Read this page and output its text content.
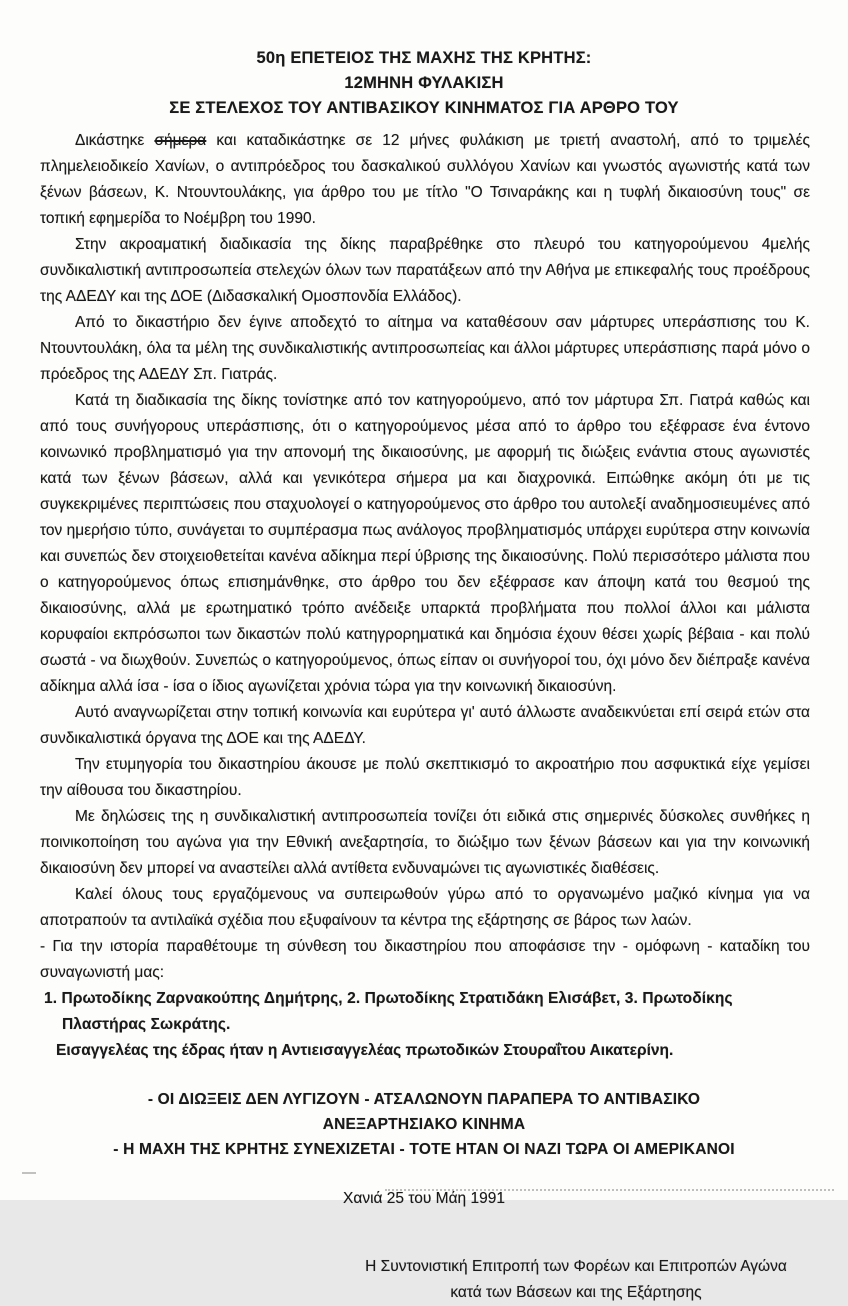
50η ΕΠΕΤΕΙΟΣ ΤΗΣ ΜΑΧΗΣ ΤΗΣ ΚΡΗΤΗΣ:
12ΜΗΝΗ ΦΥΛΑΚΙΣΗ
ΣΕ ΣΤΕΛΕΧΟΣ ΤΟΥ ΑΝΤΙΒΑΣΙΚΟΥ ΚΙΝΗΜΑΤΟΣ ΓΙΑ ΑΡΘΡΟ ΤΟΥ

Δικάστηκε σήμερα και καταδικάστηκε σε 12 μήνες φυλάκιση με τριετή αναστολή, από το τριμελές πλημελειοδικείο Χανίων, ο αντιπρόεδρος του δασκαλικού συλλόγου Χανίων και γνωστός αγωνιστής κατά των ξένων βάσεων, Κ. Ντουντουλάκης, για άρθρο του με τίτλο "Ο Τσιναράκης και η τυφλή δικαιοσύνη τους" σε τοπική εφημερίδα το Νοέμβρη του 1990.

Στην ακροαματική διαδικασία της δίκης παραβρέθηκε στο πλευρό του κατηγορούμενου 4μελής συνδικαλιστική αντιπροσωπεία στελεχών όλων των παρατάξεων από την Αθήνα με επικεφαλής τους προέδρους της ΑΔΕΔΥ και της ΔΟΕ (Διδασκαλική Ομοσπονδία Ελλάδος).

Από το δικαστήριο δεν έγινε αποδεχτό το αίτημα να καταθέσουν σαν μάρτυρες υπεράσπισης του Κ. Ντουντουλάκη, όλα τα μέλη της συνδικαλιστικής αντιπροσωπείας και άλλοι μάρτυρες υπεράσπισης παρά μόνο ο πρόεδρος της ΑΔΕΔΥ Σπ. Γιατράς.

Κατά τη διαδικασία της δίκης τονίστηκε από τον κατηγορούμενο, από τον μάρτυρα Σπ. Γιατρά καθώς και από τους συνήγορους υπεράσπισης, ότι ο κατηγορούμενος μέσα από το άρθρο του εξέφρασε ένα έντονο κοινωνικό προβληματισμό για την απονομή της δικαιοσύνης, με αφορμή τις διώξεις ενάντια στους αγωνιστές κατά των ξένων βάσεων, αλλά και γενικότερα σήμερα μα και διαχρονικά. Ειπώθηκε ακόμη ότι με τις συγκεκριμένες περιπτώσεις που σταχυολογεί ο κατηγορούμενος στο άρθρο του αυτολεξί αναδημοσιευμένες από τον ημερήσιο τύπο, συνάγεται το συμπέρασμα πως ανάλογος προβληματισμός υπάρχει ευρύτερα στην κοινωνία και συνεπώς δεν στοιχειοθετείται κανένα αδίκημα περί ύβρισης της δικαιοσύνης. Πολύ περισσότερο μάλιστα που ο κατηγορούμενος όπως επισημάνθηκε, στο άρθρο του δεν εξέφρασε καν άποψη κατά του θεσμού της δικαιοσύνης, αλλά με ερωτηματικό τρόπο ανέδειξε υπαρκτά προβλήματα που πολλοί άλλοι και μάλιστα κορυφαίοι εκπρόσωποι των δικαστών πολύ κατηγρορηματικά και δημόσια έχουν θέσει χωρίς βέβαια - και πολύ σωστά - να διωχθούν. Συνεπώς ο κατηγορούμενος, όπως είπαν οι συνήγοροί του, όχι μόνο δεν διέπραξε κανένα αδίκημα αλλά ίσα - ίσα ο ίδιος αγωνίζεται χρόνια τώρα για την κοινωνική δικαιοσύνη.

Αυτό αναγνωρίζεται στην τοπική κοινωνία και ευρύτερα γι' αυτό άλλωστε αναδεικνύεται επί σειρά ετών στα συνδικαλιστικά όργανα της ΔΟΕ και της ΑΔΕΔΥ.

Την ετυμηγορία του δικαστηρίου άκουσε με πολύ σκεπτικισμό το ακροατήριο που ασφυκτικά είχε γεμίσει την αίθουσα του δικαστηρίου.

Με δηλώσεις της η συνδικαλιστική αντιπροσωπεία τονίζει ότι ειδικά στις σημερινές δύσκολες συνθήκες η ποινικοποίηση του αγώνα για την Εθνική ανεξαρτησία, το διώξιμο των ξένων βάσεων και για την κοινωνική δικαιοσύνη δεν μπορεί να αναστείλει αλλά αντίθετα ενδυναμώνει τις αγωνιστικές διαθέσεις.

Καλεί όλους τους εργαζόμενους να συπειρωθούν γύρω από το οργανωμένο μαζικό κίνημα για να αποτραπούν τα αντιλαϊκά σχέδια που εξυφαίνουν τα κέντρα της εξάρτησης σε βάρος των λαών.

- Για την ιστορία παραθέτουμε τη σύνθεση του δικαστηρίου που αποφάσισε την - ομόφωνη - καταδίκη του συναγωνιστή μας:

1. Πρωτοδίκης Ζαρνακούπης Δημήτρης, 2. Πρωτοδίκης Στρατιδάκη Ελισάβετ, 3. Πρωτοδίκης Πλαστήρας Σωκράτης.

Εισαγγελέας της έδρας ήταν η Αντιεισαγγελέας πρωτοδικών Στουραΐτου Αικατερίνη.

- ΟΙ ΔΙΩΞΕΙΣ ΔΕΝ ΛΥΓΙΖΟΥΝ - ΑΤΣΑΛΩΝΟΥΝ ΠΑΡΑΠΕΡΑ ΤΟ ΑΝΤΙΒΑΣΙΚΟ
ΑΝΕΞΑΡΤΗΣΙΑΚΟ ΚΙΝΗΜΑ
- Η ΜΑΧΗ ΤΗΣ ΚΡΗΤΗΣ ΣΥΝΕΧΙΖΕΤΑΙ - ΤΟΤΕ ΗΤΑΝ ΟΙ ΝΑΖΙ ΤΩΡΑ ΟΙ ΑΜΕΡΙΚΑΝΟΙ
Χανιά 25 του Μάη 1991
Η Συντονιστική Επιτροπή των Φορέων και Επιτροπών Αγώνα
κατά των Βάσεων και της Εξάρτησης
